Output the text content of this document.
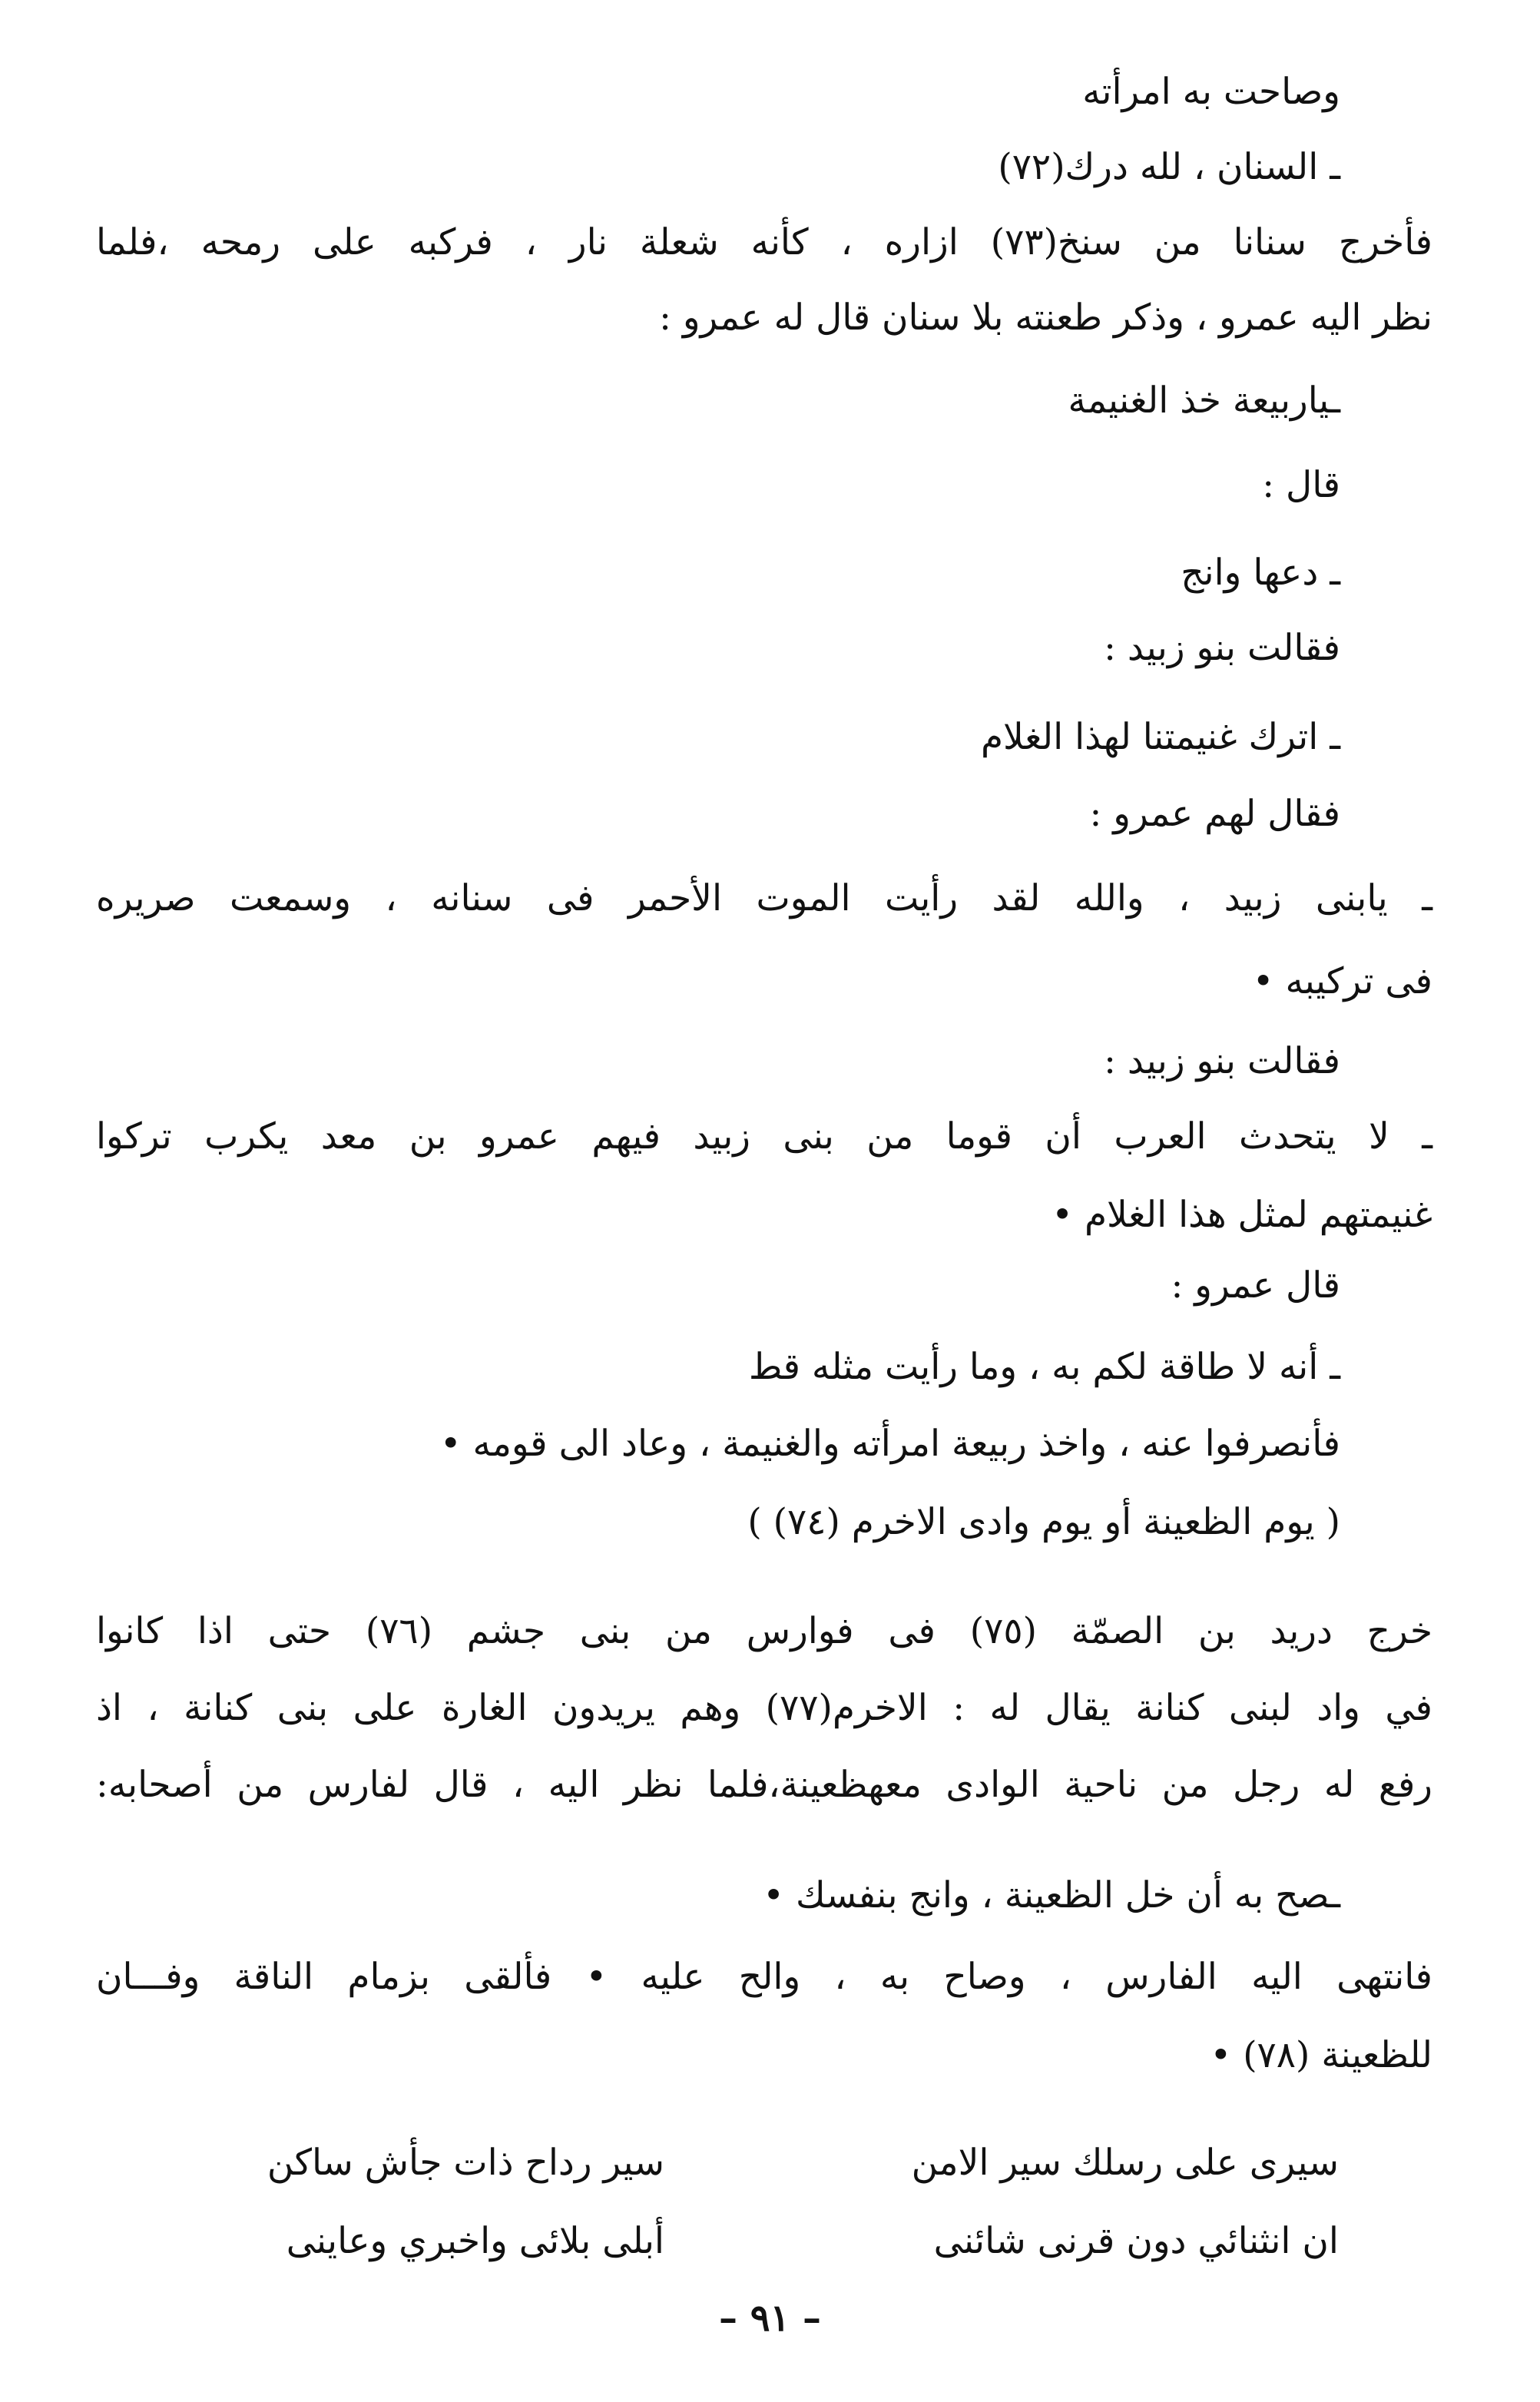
وصاحت به امرأته
ـ السنان ، لله درك(٧٢)
فأخرج سنانا من سنخ(٧٣) ازاره ، كأنه شعلة نار ، فركبه على رمحه ،فلما
نظر اليه عمرو ، وذكر طعنته بلا سنان قال له عمرو :
ـياربيعة خذ الغنيمة
قال :
ـ دعها وانج
فقالت بنو زبيد :
ـ اترك غنيمتنا لهذا الغلام
فقال لهم عمرو :
ـ يابنى زبيد ، والله لقد رأيت الموت الأحمر فى سنانه ، وسمعت صريره
فى تركيبه •
فقالت بنو زبيد :
ـ لا يتحدث العرب أن قوما من بنى زبيد فيهم عمرو بن معد يكرب تركوا
غنيمتهم لمثل هذا الغلام •
قال عمرو :
ـ أنه لا طاقة لكم به ، وما رأيت مثله قط
فأنصرفوا عنه ، واخذ ربيعة امرأته والغنيمة ، وعاد الى قومه •
( يوم الظعينة أو يوم وادى الاخرم (٧٤) )
خرج دريد بن الصمّة (٧٥) فى فوارس من بنى جشم (٧٦) حتى اذا كانوا
في واد لبنى كنانة يقال له : الاخرم(٧٧) وهم يريدون الغارة على بنى كنانة ، اذ
رفع له رجل من ناحية الوادى معهظعينة،فلما نظر اليه ، قال لفارس من أصحابه:
ـصح به أن خل الظعينة ، وانج بنفسك •
فانتهى اليه الفارس ، وصاح به ، والح عليه • فألقى بزمام الناقة وفـــان
للظعينة (٧٨) •
سيرى على رسلك سير الامن
سير رداح ذات جأش ساكن
ان انثنائي دون قرنى شائنى
أبلى بلائى واخبري وعاينى
– ٩١ –
